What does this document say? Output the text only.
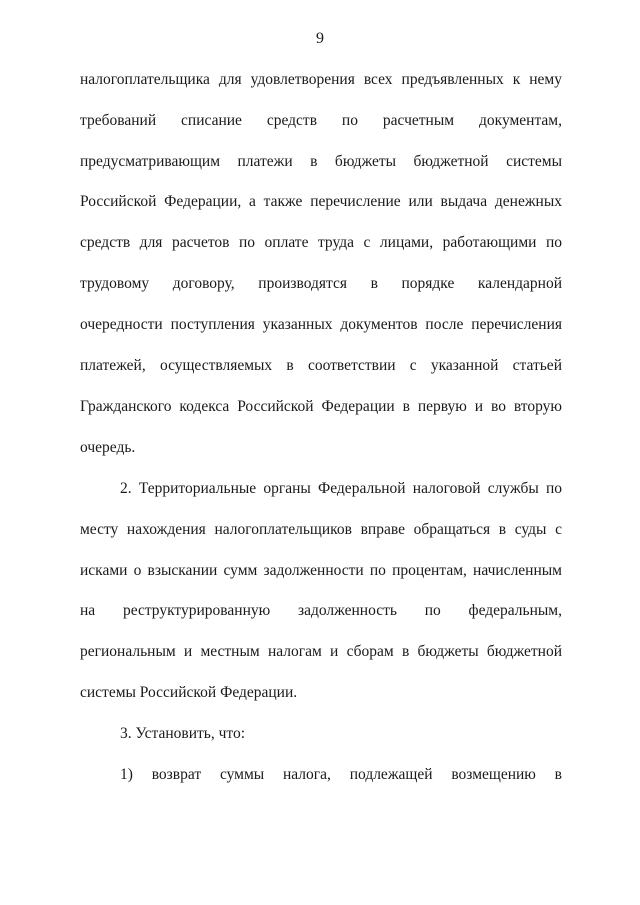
9
налогоплательщика для удовлетворения всех предъявленных к нему
требований списание средств по расчетным документам,
предусматривающим платежи в бюджеты бюджетной системы
Российской Федерации, а также перечисление или выдача денежных
средств для расчетов по оплате труда с лицами, работающими по
трудовому договору, производятся в порядке календарной
очередности поступления указанных документов после перечисления
платежей, осуществляемых в соответствии с указанной статьей
Гражданского кодекса Российской Федерации в первую и во вторую
очередь.
2. Территориальные органы Федеральной налоговой службы по
месту нахождения налогоплательщиков вправе обращаться в суды с
исками о взыскании сумм задолженности по процентам, начисленным
на реструктурированную задолженность по федеральным,
региональным и местным налогам и сборам в бюджеты бюджетной
системы Российской Федерации.
3. Установить, что:
1) возврат суммы налога, подлежащей возмещению в
